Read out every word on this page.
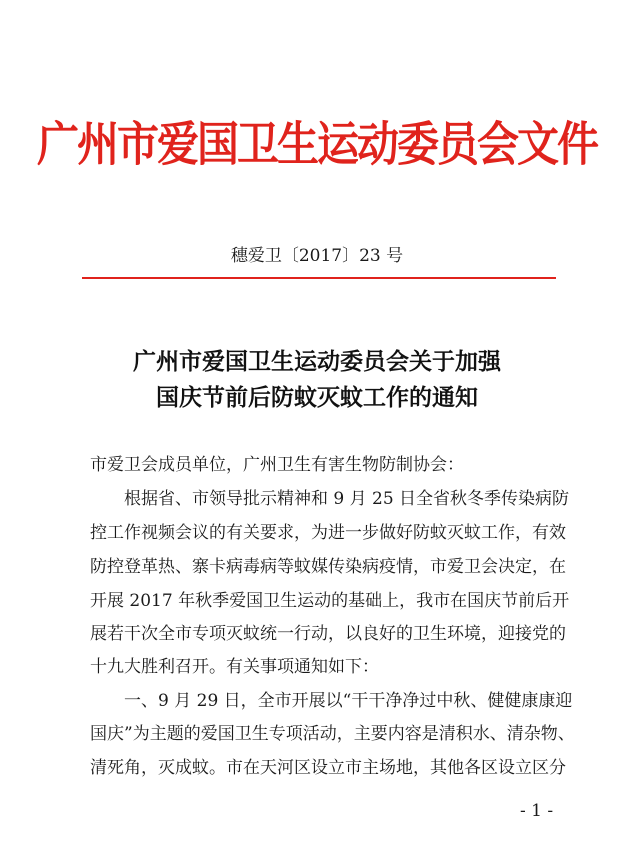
广州市爱国卫生运动委员会文件
穗爱卫〔2017〕23 号
广州市爱国卫生运动委员会关于加强
国庆节前后防蚊灭蚊工作的通知
市爱卫会成员单位，广州卫生有害生物防制协会：
　　根据省、市领导批示精神和 9 月 25 日全省秋冬季传染病防
控工作视频会议的有关要求，为进一步做好防蚊灭蚊工作，有效
防控登革热、寨卡病毒病等蚊媒传染病疫情，市爱卫会决定，在
开展 2017 年秋季爱国卫生运动的基础上，我市在国庆节前后开
展若干次全市专项灭蚊统一行动，以良好的卫生环境，迎接党的
十九大胜利召开。有关事项通知如下：
　　一、9 月 29 日，全市开展以“干干净净过中秋、健健康康迎
国庆”为主题的爱国卫生专项活动，主要内容是清积水、清杂物、
清死角，灭成蚊。市在天河区设立市主场地，其他各区设立区分
- 1 -
